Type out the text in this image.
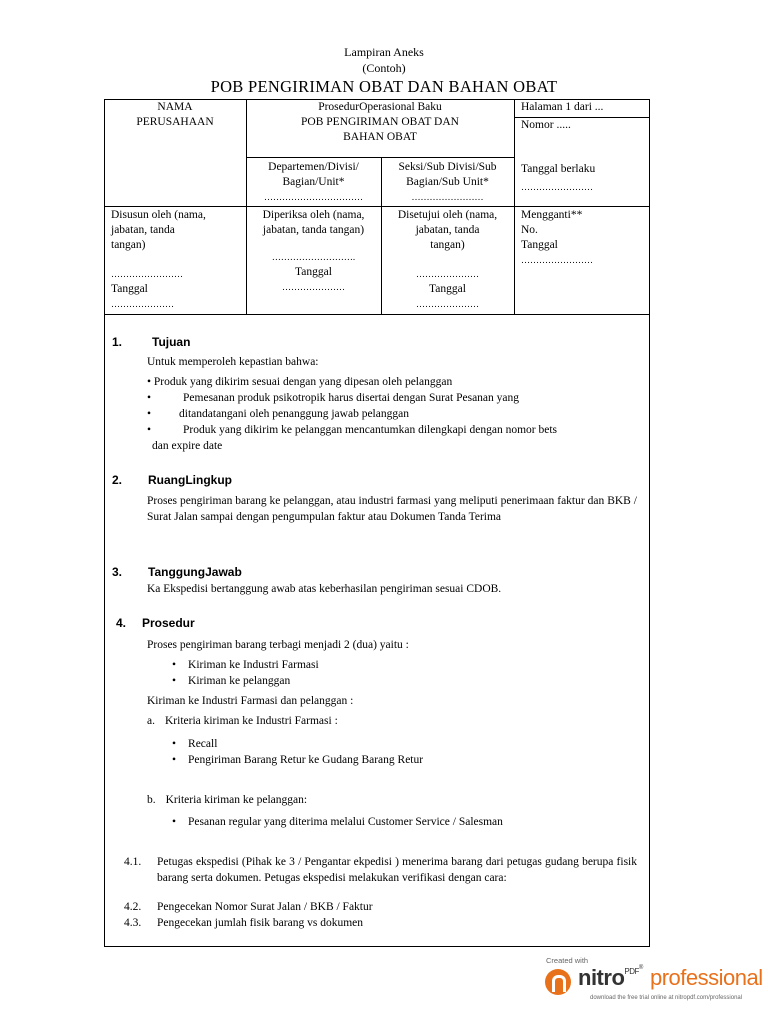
Lampiran Aneks
(Contoh)
POB PENGIRIMAN OBAT DAN BAHAN OBAT
NAMA
PERUSAHAAN
ProsedurOperasional Baku
POB PENGIRIMAN OBAT DAN
BAHAN OBAT
Halaman 1 dari ...
Nomor .....
Departemen/Divisi/
Bagian/Unit*
……………………………
Seksi/Sub Divisi/Sub
Bagian/Sub Unit*
……………………
Tanggal berlaku
……………………
Disusun oleh (nama,
jabatan, tanda
tangan)
……………………
Tanggal
…………………
Diperiksa oleh (nama,
jabatan, tanda tangan)
……………………….
Tanggal
…………………
Disetujui oleh (nama,
jabatan, tanda
tangan)
…………………
Tanggal
…………………
Mengganti**
No.
Tanggal
……………………
1. Tujuan
Untuk memperoleh kepastian bahwa:
• Produk yang dikirim sesuai dengan yang dipesan oleh pelanggan
•	Pemesanan produk psikotropik harus disertai dengan Surat Pesanan yang
• ditandatangani oleh penanggung jawab pelanggan
•	Produk yang dikirim ke pelanggan mencantumkan dilengkapi dengan nomor bets
dan expire date
2. RuangLingkup
Proses pengiriman barang ke pelanggan, atau industri farmasi yang meliputi penerimaan faktur dan BKB / Surat Jalan sampai dengan pengumpulan faktur atau Dokumen Tanda Terima
3. TanggungJawab
Ka Ekspedisi bertanggung awab atas keberhasilan pengiriman sesuai CDOB.
4. Prosedur
Proses pengiriman barang terbagi menjadi 2 (dua) yaitu :
• Kiriman ke Industri Farmasi
• Kiriman ke pelanggan
Kiriman ke Industri Farmasi dan pelanggan :
a. Kriteria kiriman ke Industri Farmasi :
• Recall
• Pengiriman Barang Retur ke Gudang Barang Retur
b. Kriteria kiriman ke pelanggan:
• Pesanan regular yang diterima melalui Customer Service / Salesman
4.1. Petugas ekspedisi (Pihak ke 3 / Pengantar ekpedisi ) menerima barang dari petugas gudang berupa fisik barang serta dokumen. Petugas ekspedisi melakukan verifikasi dengan cara:
4.2. Pengecekan Nomor Surat Jalan / BKB / Faktur
4.3. Pengecekan jumlah fisik barang vs dokumen
Created with
nitro$^{PDF®}$ professional
download the free trial online at nitropdf.com/professional
